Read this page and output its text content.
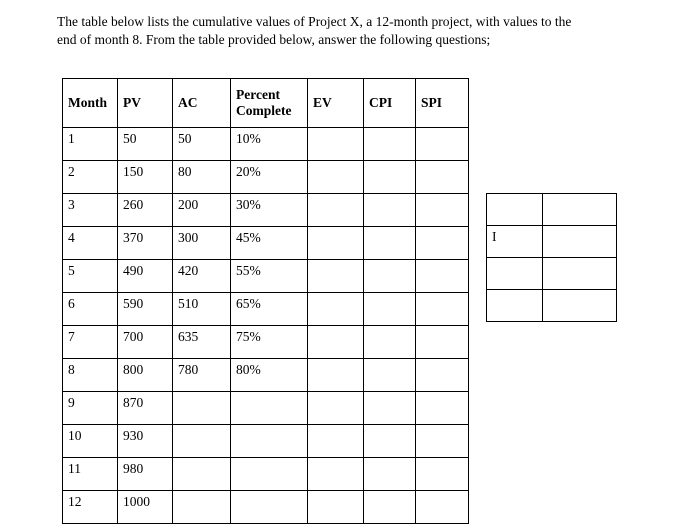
The table below lists the cumulative values of Project X, a 12-month project, with values to the
end of month 8. From the table provided below, answer the following questions;
Month	PV	AC	Percent Complete	EV	CPI	SPI
1	50	50	10%			
2	150	80	20%			
3	260	200	30%			
4	370	300	45%			
5	490	420	55%			
6	590	510	65%			
7	700	635	75%			
8	800	780	80%			
9	870					
10	930					
11	980					
12	1000					

I	
